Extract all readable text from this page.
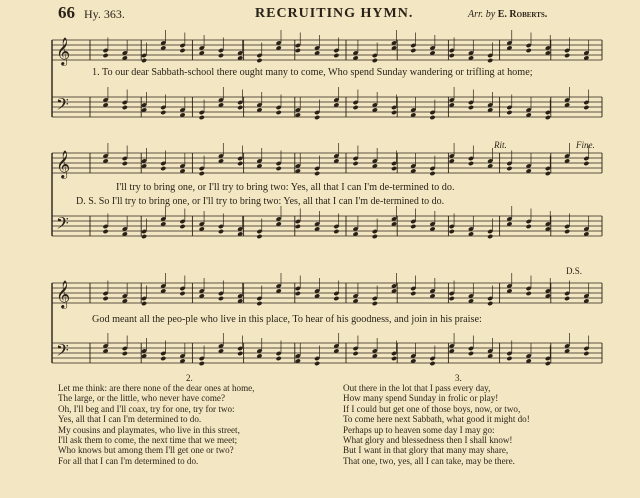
66 Hy. 363.	RECRUITING HYMN.	Arr. by E. Roberts.
𝄞
𝄢
𝄞
𝄢
𝄞
𝄢
1. To our dear Sabbath-school there ought many to come, Who spend Sunday wandering or trifling at home;
Rit.	Fine.
I'll try to bring one, or I'll try to bring two: Yes, all that I can I'm de-termined to do.
D. S. So I'll try to bring one, or I'll try to bring two: Yes, all that I can I'm de-termined to do.
D.S.
God meant all the peo-ple who live in this place, To hear of his goodness, and join in his praise:
2.
Let me think: are there none of the dear ones at home,
The large, or the little, who never have come?
Oh, I'll beg and I'll coax, try for one, try for two:
Yes, all that I can I'm determined to do.
My cousins and playmates, who live in this street,
I'll ask them to come, the next time that we meet;
Who knows but among them I'll get one or two?
For all that I can I'm determined to do.
3.
Out there in the lot that I pass every day,
How many spend Sunday in frolic or play!
If I could but get one of those boys, now, or two,
To come here next Sabbath, what good it might do!
Perhaps up to heaven some day I may go:
What glory and blessedness then I shall know!
But I want in that glory that many may share,
That one, two, yes, all I can take, may be there.
